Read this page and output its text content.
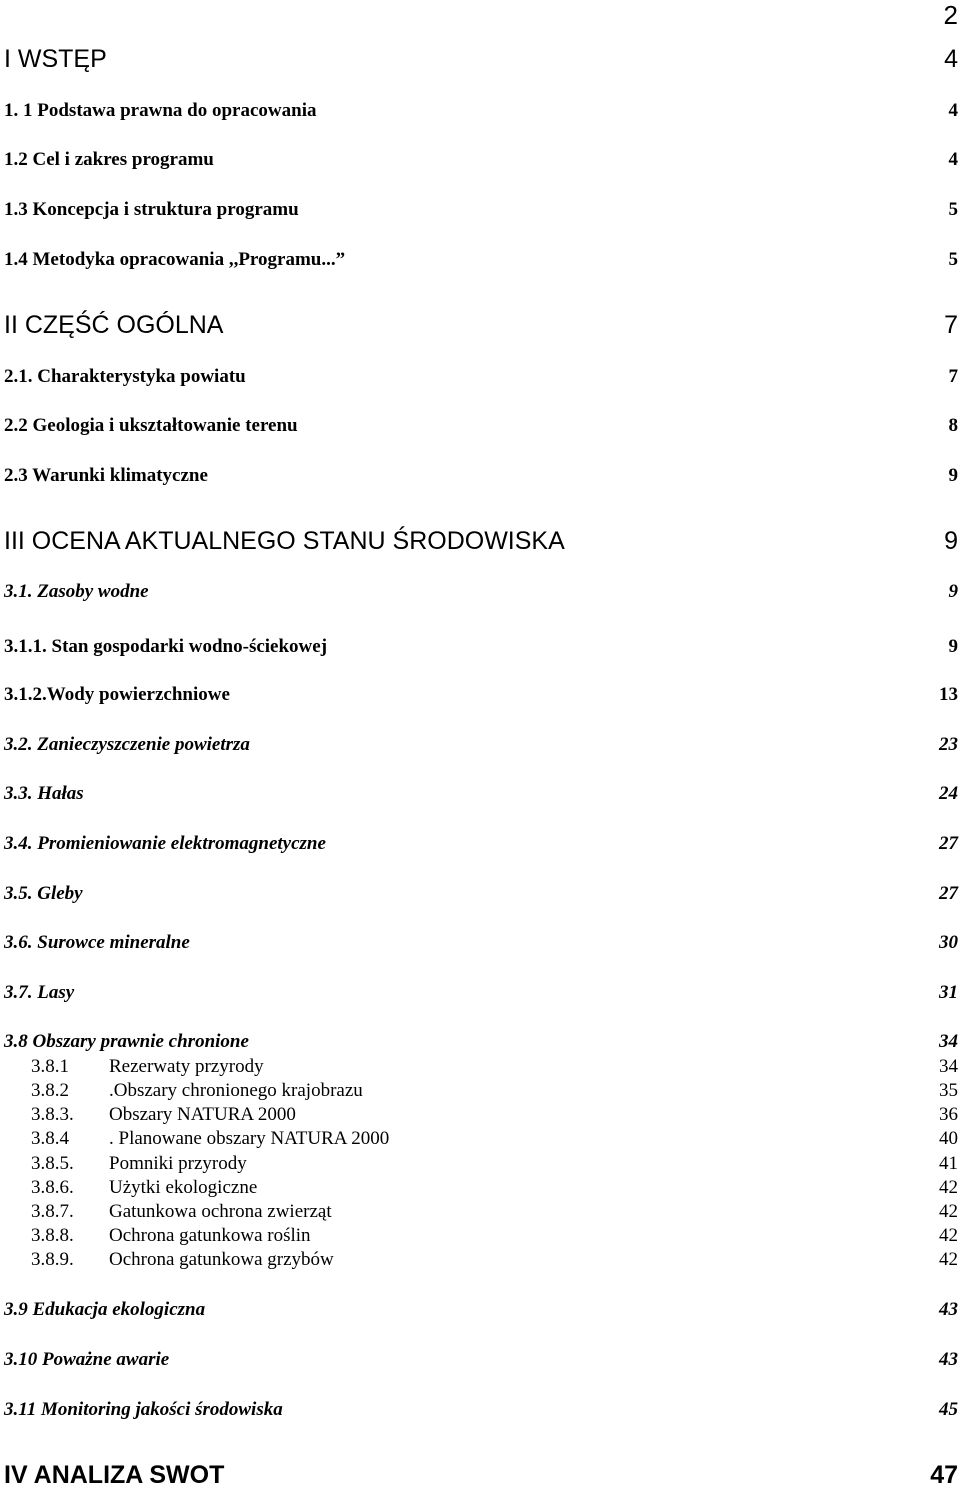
2
I WSTĘP	4
1. 1 Podstawa prawna do opracowania	4
1.2 Cel i zakres programu	4
1.3 Koncepcja i struktura programu	5
1.4 Metodyka opracowania ,,Programu...”	5
II CZĘŚĆ OGÓLNA	7
2.1. Charakterystyka powiatu	7
2.2 Geologia i ukształtowanie terenu	8
2.3 Warunki klimatyczne	9
III OCENA AKTUALNEGO STANU ŚRODOWISKA	9
3.1. Zasoby wodne	9
3.1.1. Stan gospodarki wodno-ściekowej	9
3.1.2.Wody powierzchniowe	13
3.2. Zanieczyszczenie powietrza	23
3.3. Hałas	24
3.4. Promieniowanie elektromagnetyczne	27
3.5. Gleby	27
3.6. Surowce mineralne	30
3.7. Lasy	31
3.8 Obszary prawnie chronione	34
3.8.1 Rezerwaty przyrody	34
3.8.2 .Obszary chronionego krajobrazu	35
3.8.3. Obszary NATURA 2000	36
3.8.4 . Planowane obszary NATURA 2000	40
3.8.5. Pomniki przyrody	41
3.8.6. Użytki ekologiczne	42
3.8.7. Gatunkowa ochrona zwierząt	42
3.8.8. Ochrona gatunkowa roślin	42
3.8.9. Ochrona gatunkowa grzybów	42
3.9 Edukacja ekologiczna	43
3.10 Poważne awarie	43
3.11 Monitoring jakości środowiska	45
IV ANALIZA SWOT	47
